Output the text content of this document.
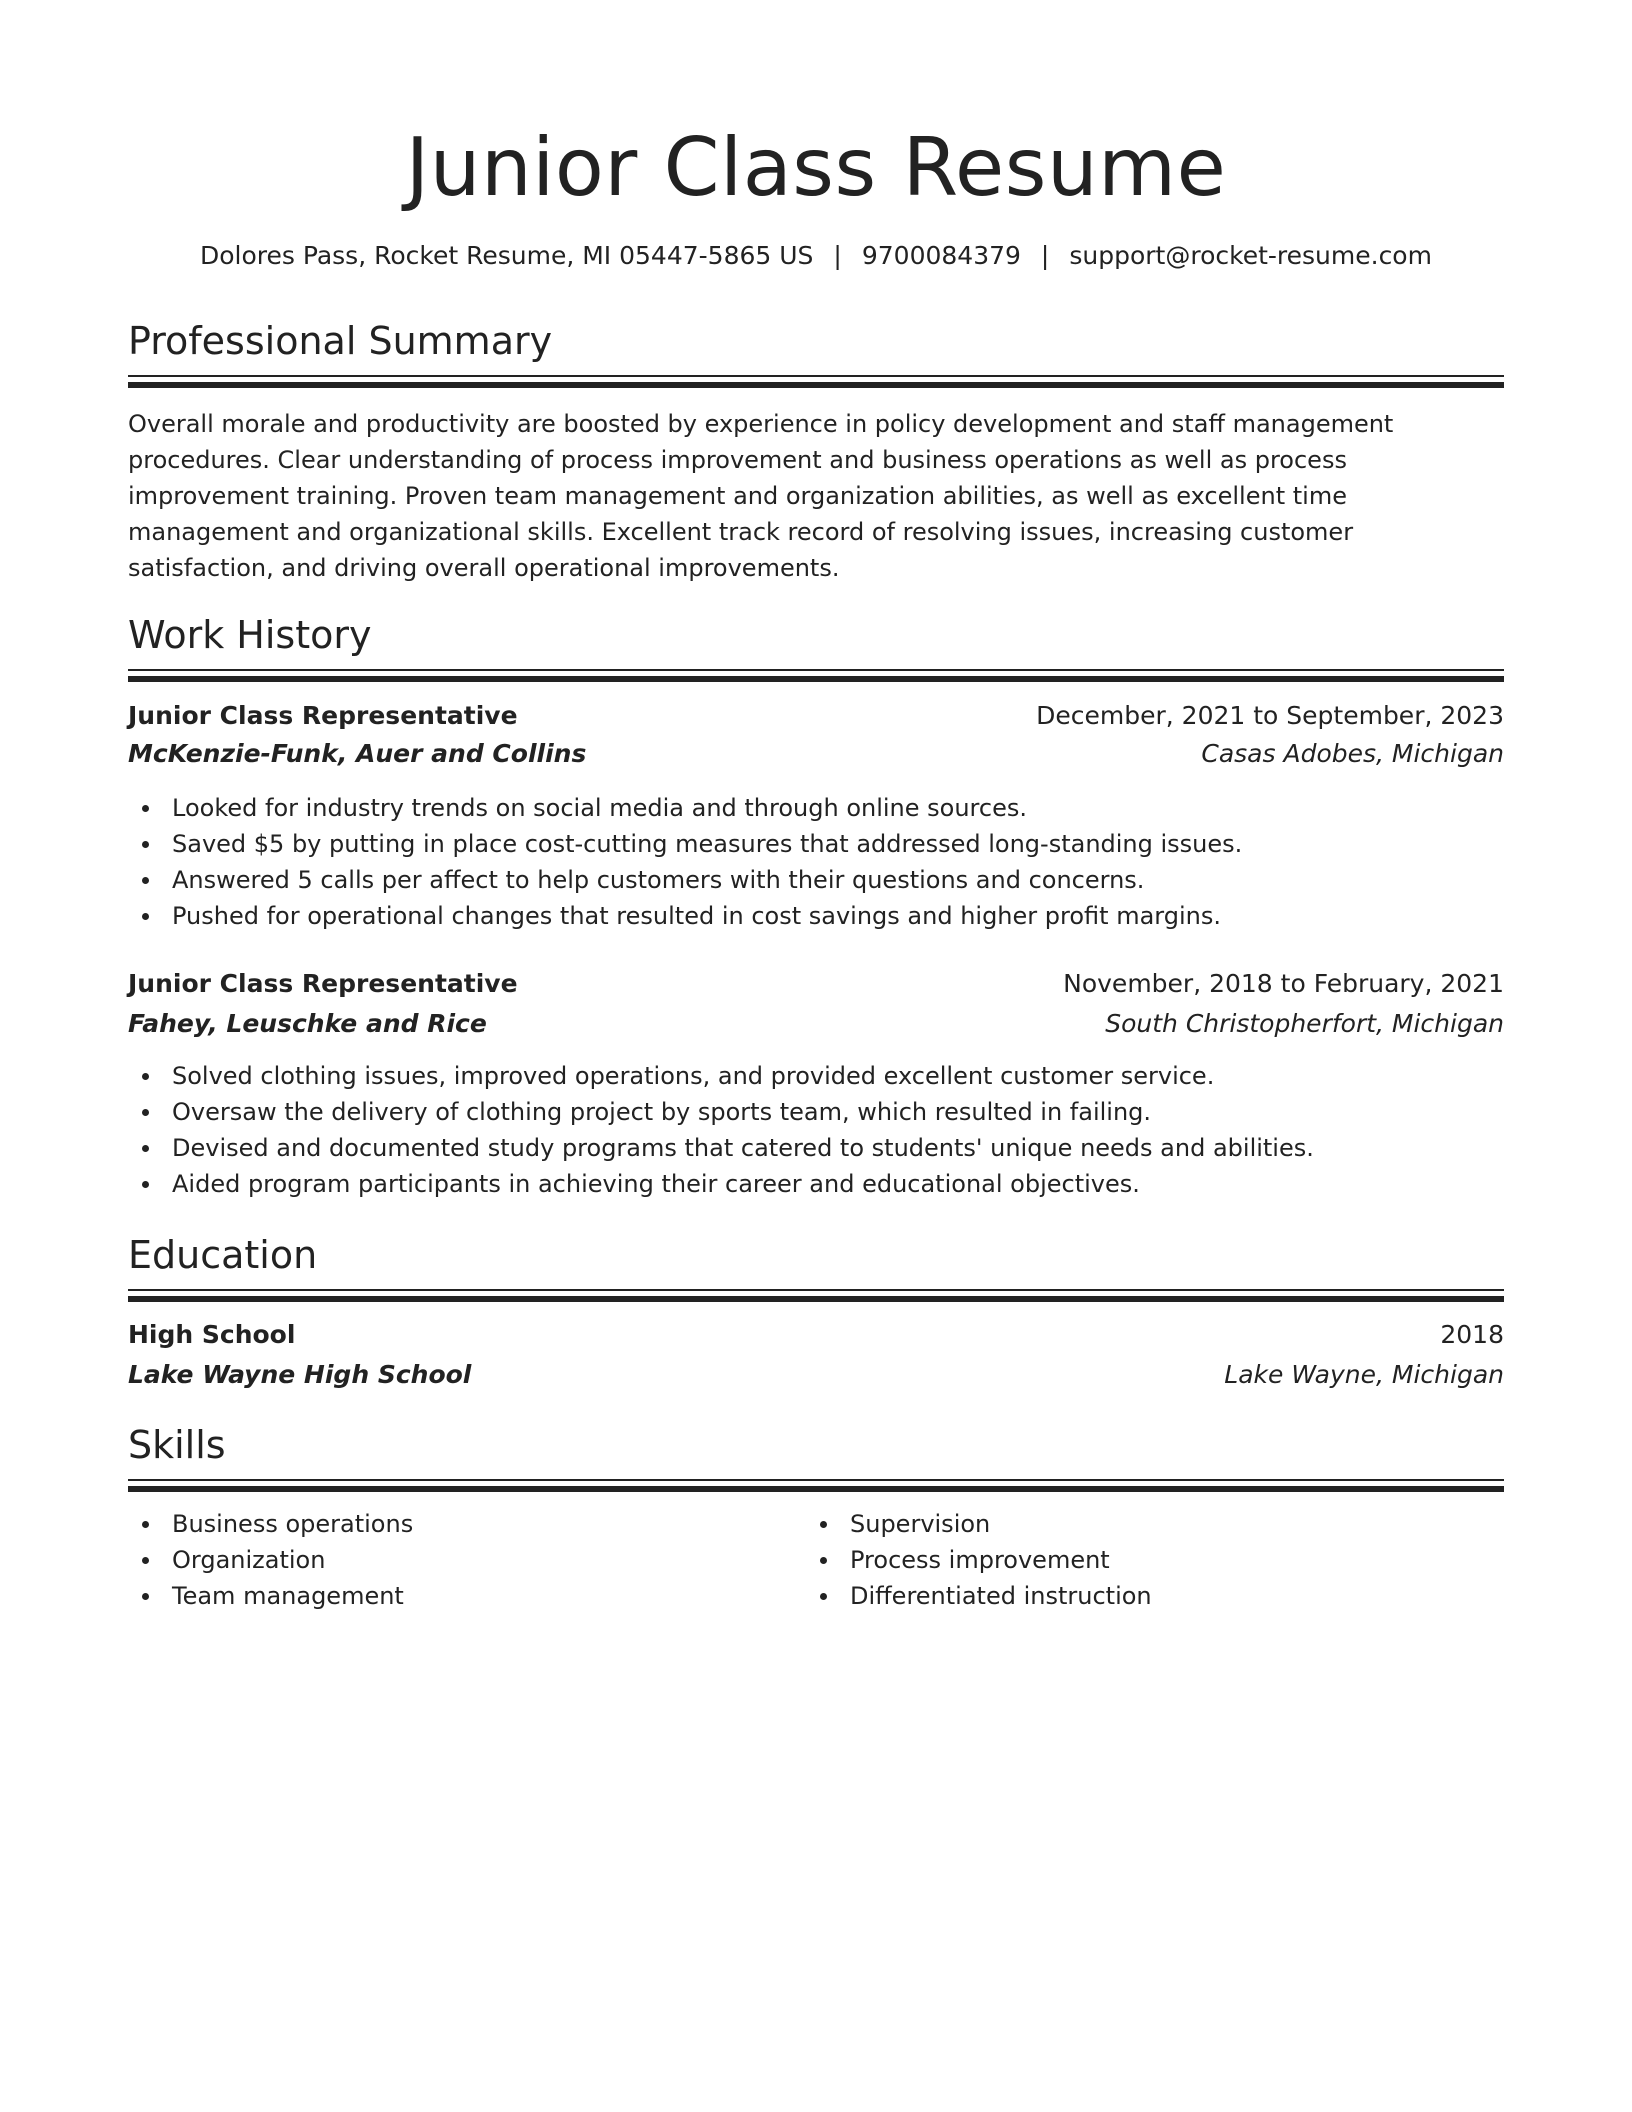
Junior Class Resume
Dolores Pass, Rocket Resume, MI 05447-5865 US | 9700084379 | support@rocket-resume.com
Professional Summary

Overall morale and productivity are boosted by experience in policy development and staff management procedures. Clear understanding of process improvement and business operations as well as process improvement training. Proven team management and organization abilities, as well as excellent time management and organizational skills. Excellent track record of resolving issues, increasing customer satisfaction, and driving overall operational improvements.

Work History
Junior Class Representative	December, 2021 to September, 2023
McKenzie-Funk, Auer and Collins	Casas Adobes, Michigan
Looked for industry trends on social media and through online sources.
Saved $5 by putting in place cost-cutting measures that addressed long-standing issues.
Answered 5 calls per affect to help customers with their questions and concerns.
Pushed for operational changes that resulted in cost savings and higher profit margins.
Junior Class Representative	November, 2018 to February, 2021
Fahey, Leuschke and Rice	South Christopherfort, Michigan
Solved clothing issues, improved operations, and provided excellent customer service.
Oversaw the delivery of clothing project by sports team, which resulted in failing.
Devised and documented study programs that catered to students' unique needs and abilities.
Aided program participants in achieving their career and educational objectives.
Education
High School	2018
Lake Wayne High School	Lake Wayne, Michigan
Skills
Business operations
Organization
Team management
Supervision
Process improvement
Differentiated instruction
